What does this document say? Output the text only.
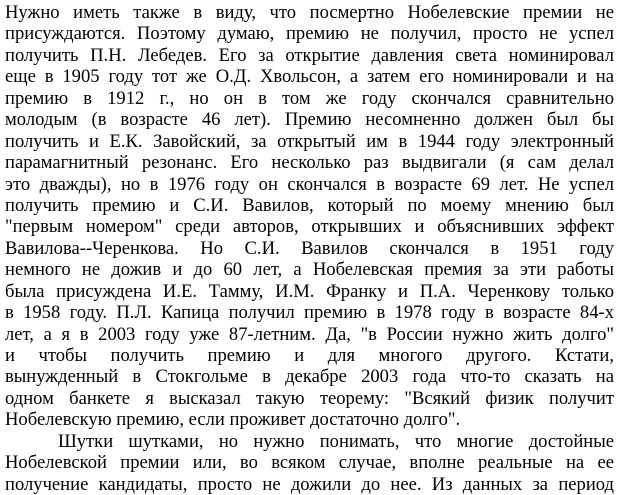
Нужно иметь также в виду, что посмертно Нобелевские премии не
присуждаются. Поэтому думаю, премию не получил, просто не успел
получить П.Н. Лебедев. Его за открытие давления света номинировал
еще в 1905 году тот же О.Д. Хвольсон, а затем его номинировали и на
премию в 1912 г., но он в том же году скончался сравнительно
молодым (в возрасте 46 лет). Премию несомненно должен был бы
получить и Е.К. Завойский, за открытый им в 1944 году электронный
парамагнитный резонанс. Его несколько раз выдвигали (я сам делал
это дважды), но в 1976 году он скончался в возрасте 69 лет. Не успел
получить премию и С.И. Вавилов, который по моему мнению был
"первым номером" среди авторов, открывших и объяснивших эффект
Вавилова--Черенкова. Но С.И. Вавилов скончался в 1951 году
немного не дожив и до 60 лет, а Нобелевская премия за эти работы
была присуждена И.Е. Тамму, И.М. Франку и П.А. Черенкову только
в 1958 году. П.Л. Капица получил премию в 1978 году в возрасте 84-х
лет, а я в 2003 году уже 87-летним. Да, "в России нужно жить долго"
и чтобы получить премию и для многого другого. Кстати,
вынужденный в Стокгольме в декабре 2003 года что-то сказать на
одном банкете я высказал такую теорему: "Всякий физик получит
Нобелевскую премию, если проживет достаточно долго".
Шутки шутками, но нужно понимать, что многие достойные
Нобелевской премии или, во всяком случае, вполне реальные на ее
получение кандидаты, просто не дожили до нее. Из данных за период
